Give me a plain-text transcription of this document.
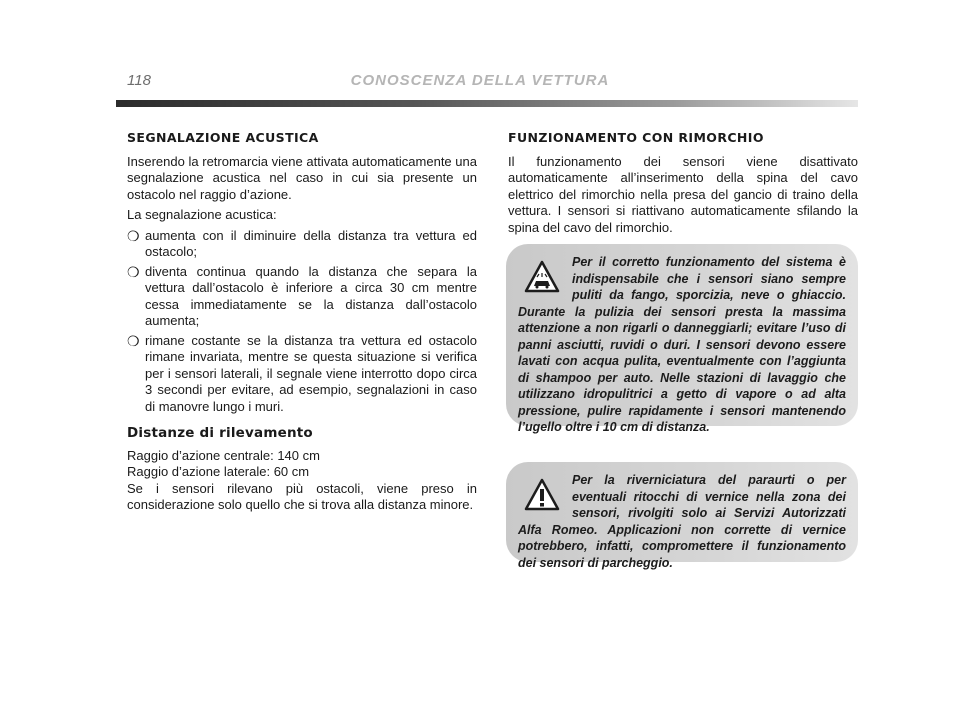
118	CONOSCENZA DELLA VETTURA
SEGNALAZIONE ACUSTICA
Inserendo la retromarcia viene attivata automaticamente una segnalazione acustica nel caso in cui sia presente un ostacolo nel raggio d’azione.
La segnalazione acustica:
❍ aumenta con il diminuire della distanza tra vettura ed ostacolo;
❍ diventa continua quando la distanza che separa la vettura dall’ostacolo è inferiore a circa 30 cm mentre cessa immediatamente se la distanza dall’ostacolo aumenta;
❍ rimane costante se la distanza tra vettura ed ostacolo rimane invariata, mentre se questa situazione si verifica per i sensori laterali, il segnale viene interrotto dopo circa 3 secondi per evitare, ad esempio, segnalazioni in caso di manovre lungo i muri.
Distanze di rilevamento
Raggio d’azione centrale: 140 cm
Raggio d’azione laterale: 60 cm
Se i sensori rilevano più ostacoli, viene preso in considerazione solo quello che si trova alla distanza minore.
FUNZIONAMENTO CON RIMORCHIO
Il funzionamento dei sensori viene disattivato automaticamente all’inserimento della spina del cavo elettrico del rimorchio nella presa del gancio di traino della vettura. I sensori si riattivano automaticamente sfilando la spina del cavo del rimorchio.
Per il corretto funzionamento del sistema è indispensabile che i sensori siano sempre puliti da fango, sporcizia, neve o ghiaccio. Durante la pulizia dei sensori presta la massima attenzione a non rigarli o danneggiarli; evitare l’uso di panni asciutti, ruvidi o duri. I sensori devono essere lavati con acqua pulita, eventualmente con l’aggiunta di shampoo per auto. Nelle stazioni di lavaggio che utilizzano idropulitrici a getto di vapore o ad alta pressione, pulire rapidamente i sensori mantenendo l’ugello oltre i 10 cm di distanza.
Per la riverniciatura del paraurti o per eventuali ritocchi di vernice nella zona dei sensori, rivolgiti solo ai Servizi Autorizzati Alfa Romeo. Applicazioni non corrette di vernice potrebbero, infatti, compromettere il funzionamento dei sensori di parcheggio.
